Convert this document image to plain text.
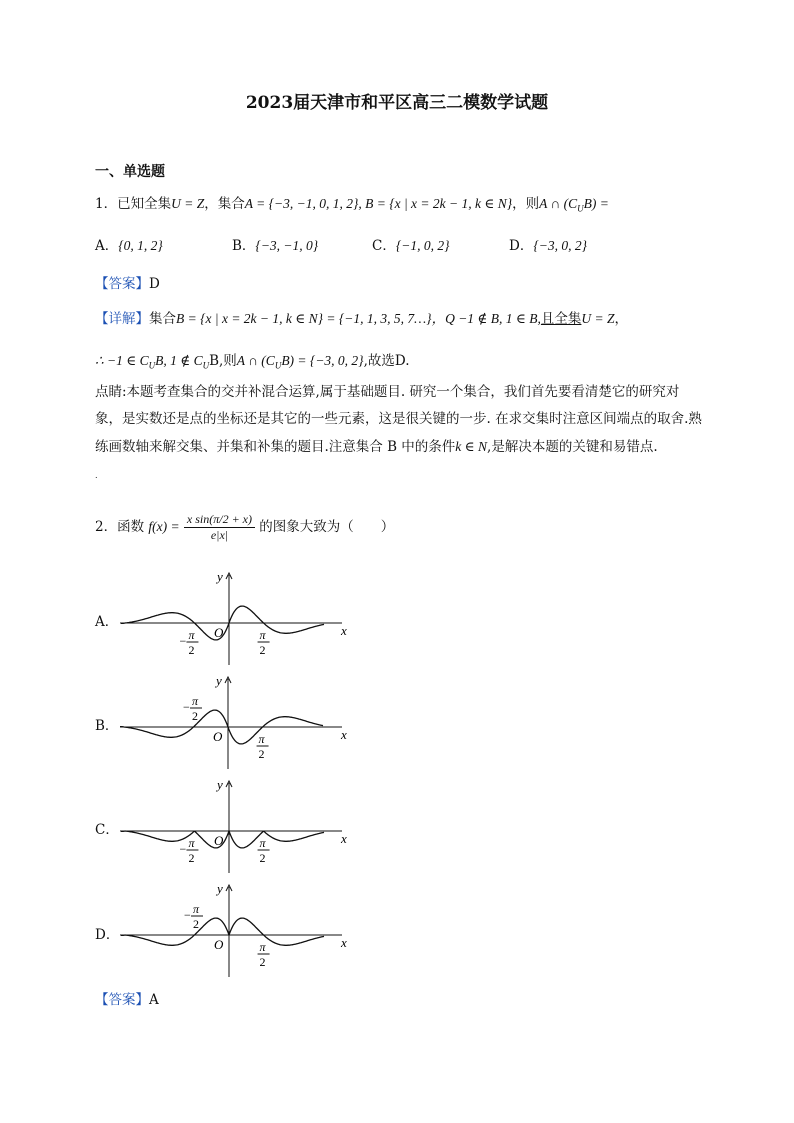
2023届天津市和平区高三二模数学试题
一、单选题
1．已知全集U = Z，集合A = {−3, −1, 0, 1, 2}, B = {x | x = 2k − 1, k ∈ N}，则A ∩ $(C_UB)$ =
A．{0, 1, 2}	B．{−3, −1, 0}	C．{−1, 0, 2}	D．{−3, 0, 2}
【答案】D
【详解】集合B = {x | x = 2k − 1, k ∈ N} = {−1, 1, 3, 5, 7…}，Q −1 ∉ B, 1 ∈ B,且全集U = Z，
∴ −1 ∈ $C_UB$, 1 ∉ $C_UB$,则A ∩ $(C_UB) = \{-3$, 0, 2},故选D.
点睛:本题考查集合的交并补混合运算,属于基础题目. 研究一个集合，我们首先要看清楚它的研究对象，是实数还是点的坐标还是其它的一些元素，这是很关键的一步. 在求交集时注意区间端点的取舍.熟练画数轴来解交集、并集和补集的题目.注意集合 B 中的条件k ∈ N,是解决本题的关键和易错点.
.
2．函数 $f(x) = \frac{\text{x sin(π/2 + x)}}{e|x|}$ 的图象大致为（　　）
A．
B．
C．
D．
y
x
O
− π
2
π
2
y
x
O
− π
2
π
2
y
x
O
− π
2
π
2
y
x
O
− π
2
π
2
【答案】A
